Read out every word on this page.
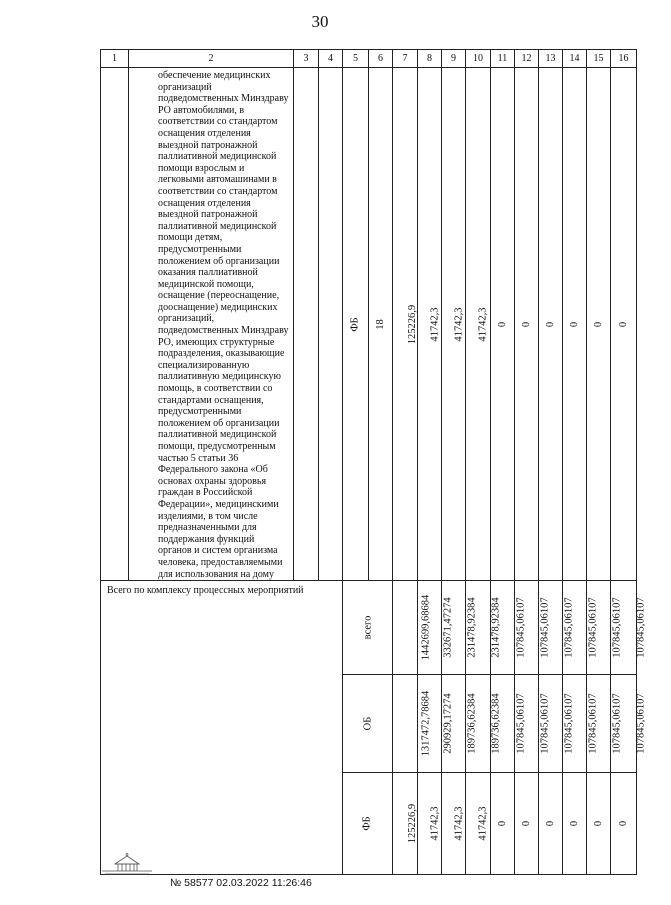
30
1	2	3	4	5	6	7	8	9	10	11	12	13	14	15	16
	обеспечение медицинских организаций подведомственных Минздраву РО автомобилями, в соответствии со стандартом оснащения отделения выездной патронажной паллиативной медицинской помощи взрослым и легковыми автомашинами в соответствии со стандартом оснащения отделения выездной патронажной паллиативной медицинской помощи детям, предусмотренными положением об организации оказания паллиативной медицинской помощи, оснащение (переоснащение, дооснащение) медицинских организаций, подведомственных Минздраву РО, имеющих структурные подразделения, оказывающие специализированную паллиативную медицинскую помощь, в соответствии со стандартами оснащения, предусмотренными положением об организации паллиативной медицинской помощи, предусмотренным частью 5 статьи 36 Федерального закона «Об основах охраны здоровья граждан в Российской Федерации», медицинскими изделиями, в том числе предназначенными для поддержания функций органов и систем организма человека, предоставляемыми для использования на дому			ФБ	18	125226,9	41742,3	41742,3	41742,3	0	0	0	0	0	0
Всего по комплексу процессных мероприятий				всего		1442699,68684	332671,47274	231478,92384	231478,92384	107845,06107	107845,06107	107845,06107	107845,06107	107845,06107	107845,06107
				ОБ		1317472,78684	290929,17274	189736,62384	189736,62384	107845,06107	107845,06107	107845,06107	107845,06107	107845,06107	107845,06107
				ФБ		125226,9	41742,3	41742,3	41742,3	0	0	0	0	0	0
№ 58577 02.03.2022 11:26:46
